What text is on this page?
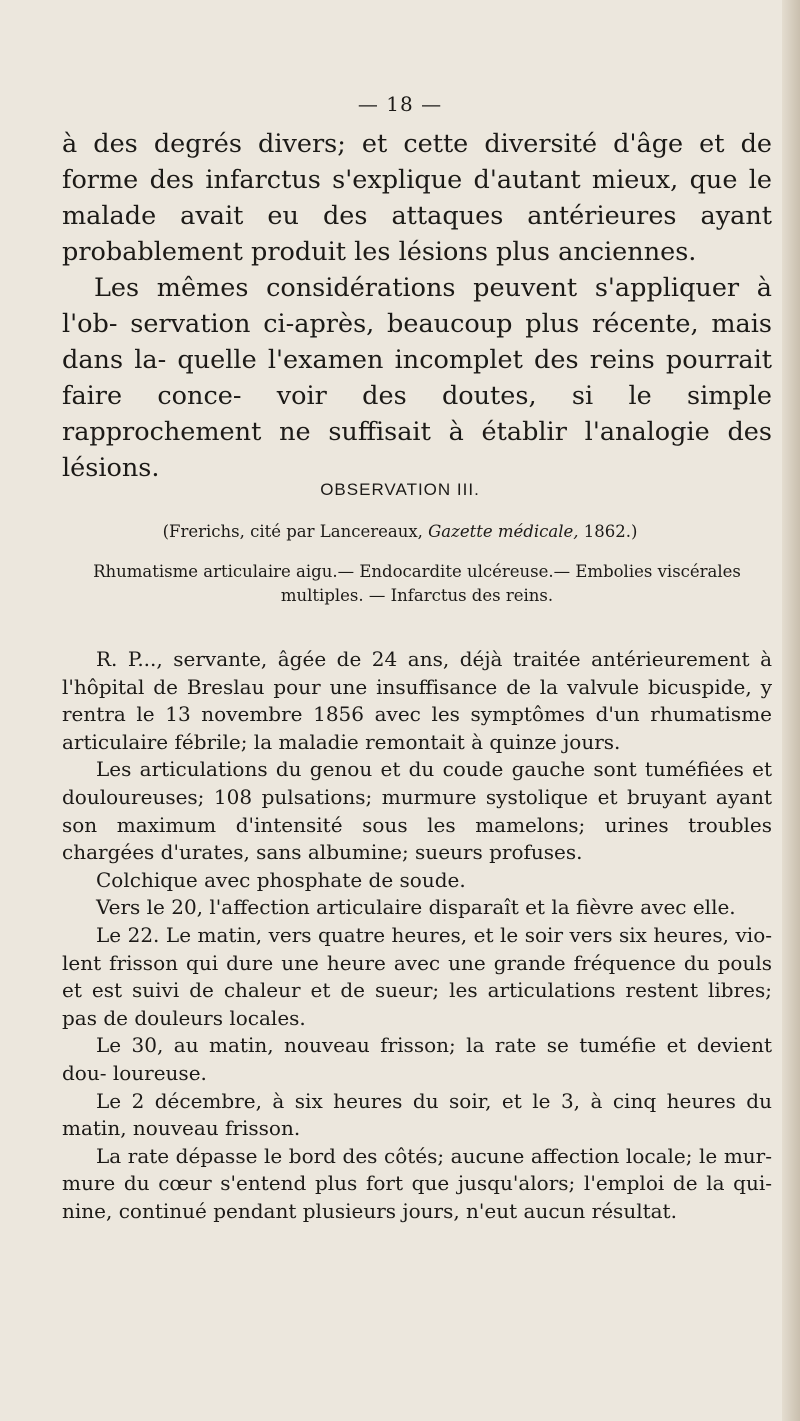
— 18 —

à des degrés divers; et cette diversité d'âge et de forme des infarctus s'explique d'autant mieux, que le malade avait eu des attaques antérieures ayant probablement produit les lésions plus anciennes.

Les mêmes considérations peuvent s'appliquer à l'ob- servation ci-après, beaucoup plus récente, mais dans la- quelle l'examen incomplet des reins pourrait faire conce- voir des doutes, si le simple rapprochement ne suffisait à établir l'analogie des lésions.

OBSERVATION III.
(Frerichs, cité par Lancereaux, Gazette médicale, 1862.)
Rhumatisme articulaire aigu.— Endocardite ulcéreuse.— Embolies viscérales multiples. — Infarctus des reins.

R. P..., servante, âgée de 24 ans, déjà traitée antérieurement à l'hôpital de Breslau pour une insuffisance de la valvule bicuspide, y rentra le 13 novembre 1856 avec les symptômes d'un rhumatisme articulaire fébrile; la maladie remontait à quinze jours.

Les articulations du genou et du coude gauche sont tuméfiées et douloureuses; 108 pulsations; murmure systolique et bruyant ayant son maximum d'intensité sous les mamelons; urines troubles chargées d'urates, sans albumine; sueurs profuses.

Colchique avec phosphate de soude.

Vers le 20, l'affection articulaire disparaît et la fièvre avec elle.

Le 22. Le matin, vers quatre heures, et le soir vers six heures, vio- lent frisson qui dure une heure avec une grande fréquence du pouls et est suivi de chaleur et de sueur; les articulations restent libres; pas de douleurs locales.

Le 30, au matin, nouveau frisson; la rate se tuméfie et devient dou- loureuse.

Le 2 décembre, à six heures du soir, et le 3, à cinq heures du matin, nouveau frisson.

La rate dépasse le bord des côtés; aucune affection locale; le mur- mure du cœur s'entend plus fort que jusqu'alors; l'emploi de la qui- nine, continué pendant plusieurs jours, n'eut aucun résultat.
